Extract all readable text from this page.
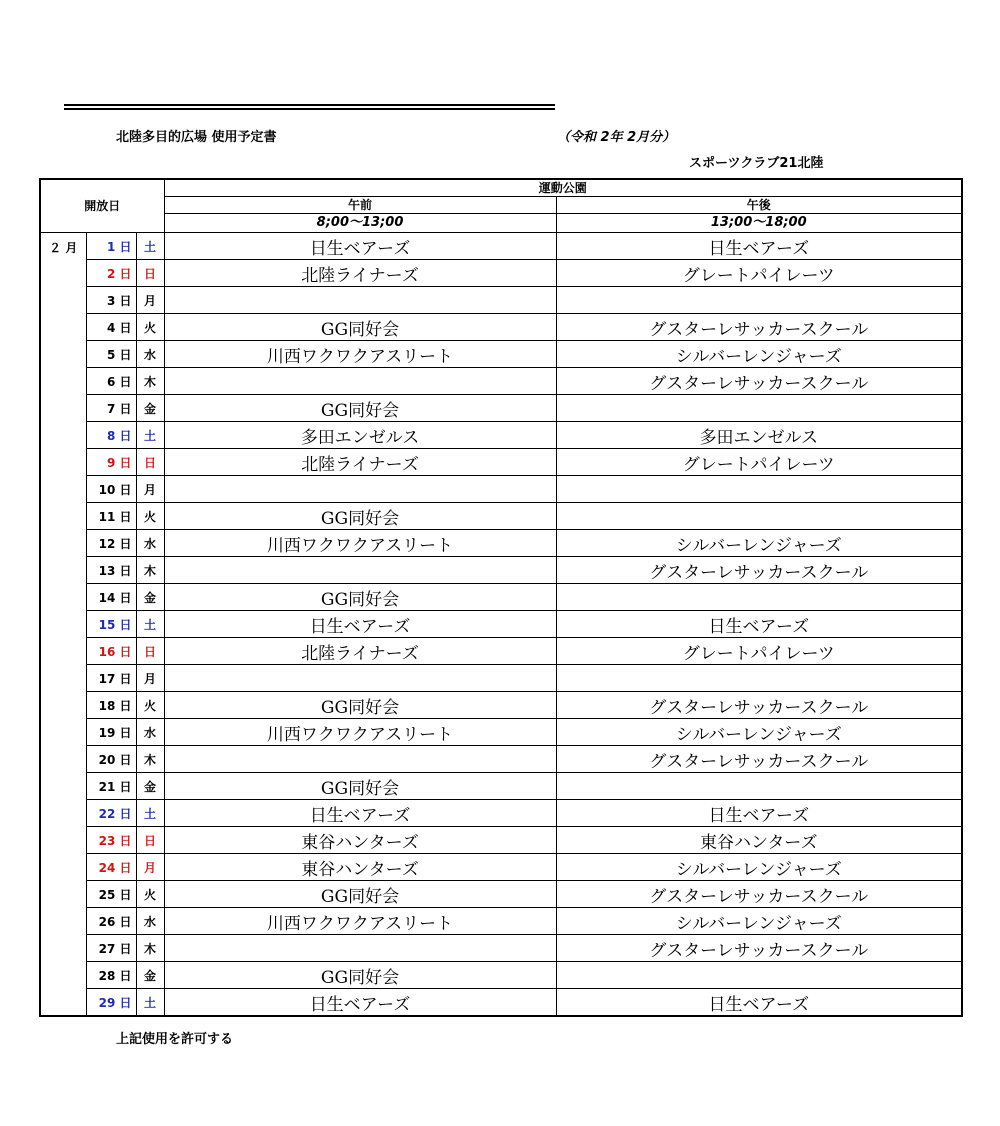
北陸多目的広場 使用予定書	（令和 2年 2月分）
スポーツクラブ21北陸
開放日			運動公園	
			午前	午後
			8;00～13;00	13;00～18;00
２ 月	1 日	土	日生ベアーズ	日生ベアーズ
	2 日	日	北陸ライナーズ	グレートパイレーツ
	3 日	月		
	4 日	火	GG同好会	グスターレサッカースクール
	5 日	水	川西ワクワクアスリート	シルバーレンジャーズ
	6 日	木		グスターレサッカースクール
	7 日	金	GG同好会	
	8 日	土	多田エンゼルス	多田エンゼルス
	9 日	日	北陸ライナーズ	グレートパイレーツ
	10 日	月		
	11 日	火	GG同好会	
	12 日	水	川西ワクワクアスリート	シルバーレンジャーズ
	13 日	木		グスターレサッカースクール
	14 日	金	GG同好会	
	15 日	土	日生ベアーズ	日生ベアーズ
	16 日	日	北陸ライナーズ	グレートパイレーツ
	17 日	月		
	18 日	火	GG同好会	グスターレサッカースクール
	19 日	水	川西ワクワクアスリート	シルバーレンジャーズ
	20 日	木		グスターレサッカースクール
	21 日	金	GG同好会	
	22 日	土	日生ベアーズ	日生ベアーズ
	23 日	日	東谷ハンターズ	東谷ハンターズ
	24 日	月	東谷ハンターズ	シルバーレンジャーズ
	25 日	火	GG同好会	グスターレサッカースクール
	26 日	水	川西ワクワクアスリート	シルバーレンジャーズ
	27 日	木		グスターレサッカースクール
	28 日	金	GG同好会	
	29 日	土	日生ベアーズ	日生ベアーズ
上記使用を許可する
